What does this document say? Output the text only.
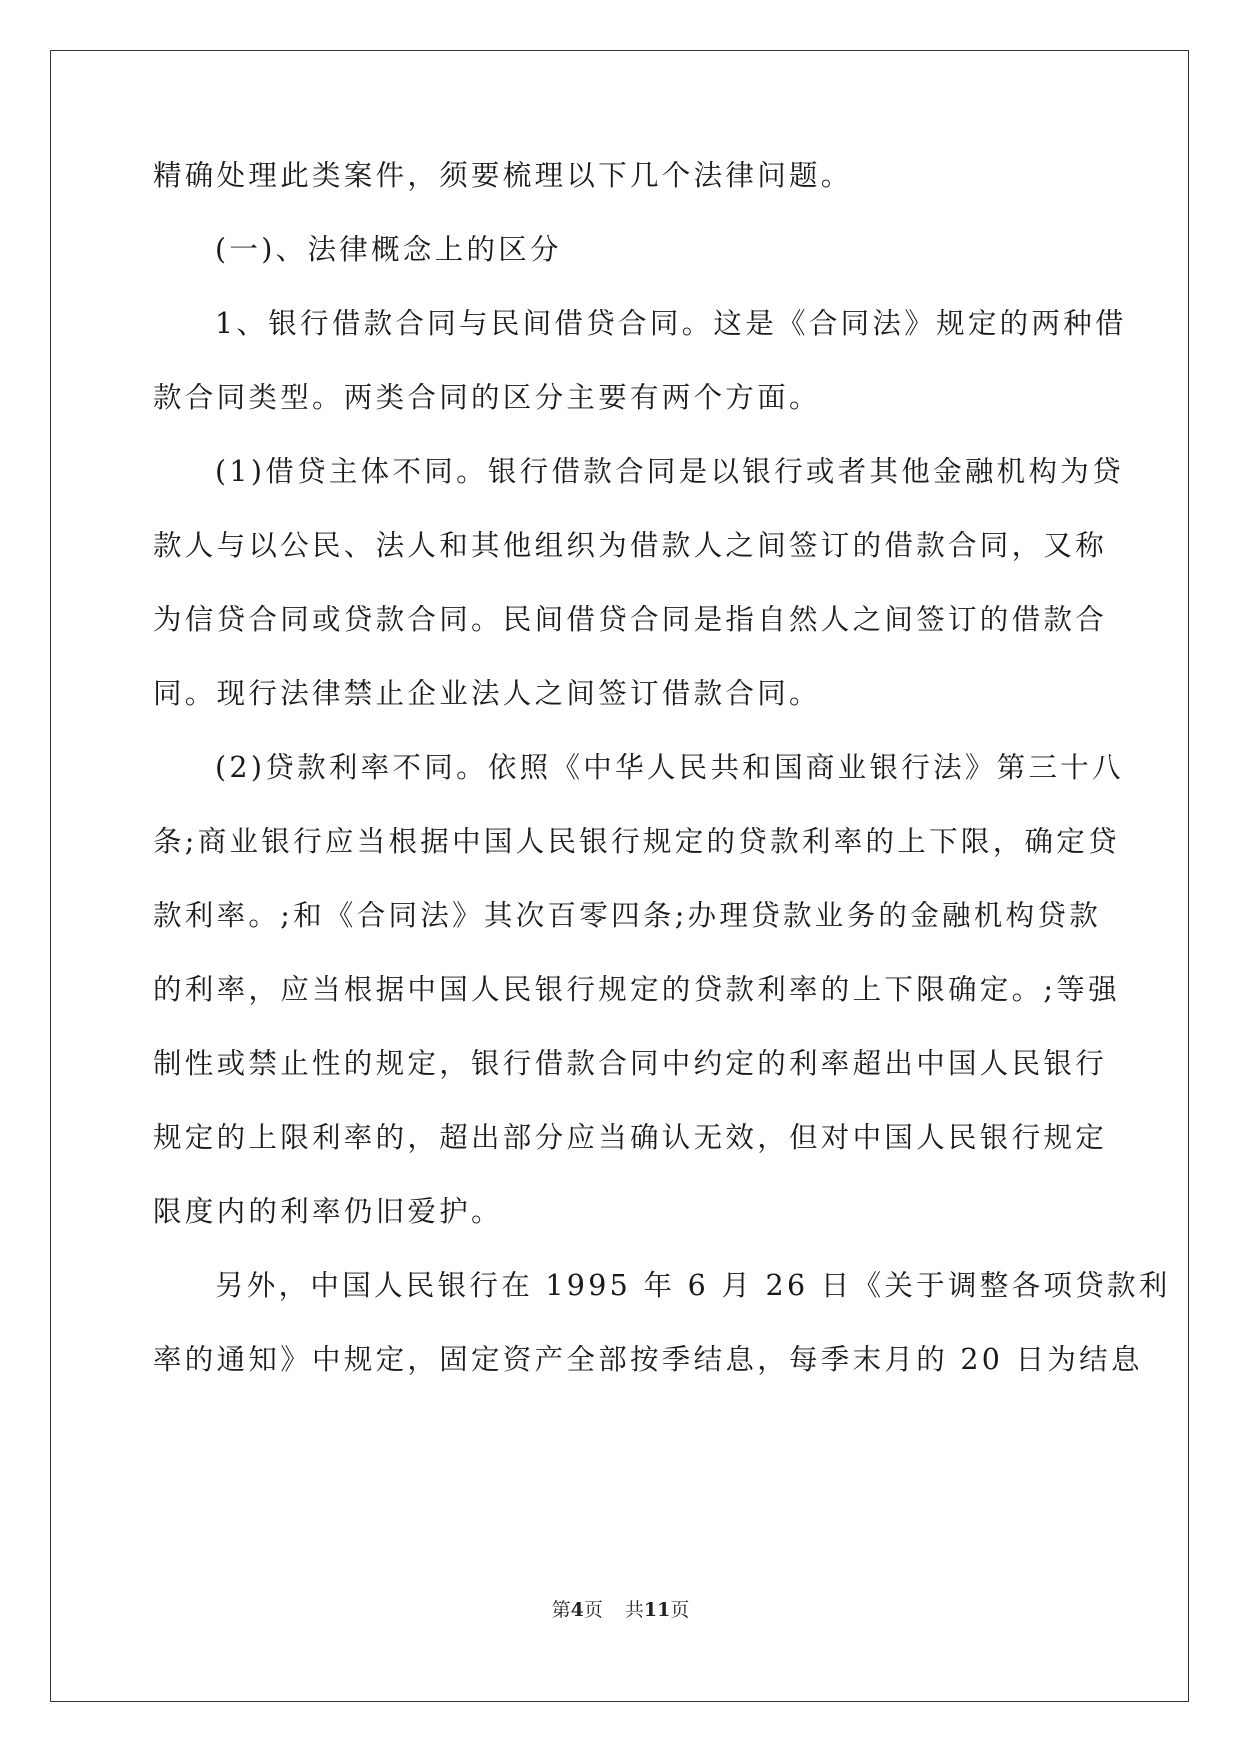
精确处理此类案件，须要梳理以下几个法律问题。
(一)、法律概念上的区分
1、银行借款合同与民间借贷合同。这是《合同法》规定的两种借
款合同类型。两类合同的区分主要有两个方面。
(1)借贷主体不同。银行借款合同是以银行或者其他金融机构为贷
款人与以公民、法人和其他组织为借款人之间签订的借款合同，又称
为信贷合同或贷款合同。民间借贷合同是指自然人之间签订的借款合
同。现行法律禁止企业法人之间签订借款合同。
(2)贷款利率不同。依照《中华人民共和国商业银行法》第三十八
条;商业银行应当根据中国人民银行规定的贷款利率的上下限，确定贷
款利率。;和《合同法》其次百零四条;办理贷款业务的金融机构贷款
的利率，应当根据中国人民银行规定的贷款利率的上下限确定。;等强
制性或禁止性的规定，银行借款合同中约定的利率超出中国人民银行
规定的上限利率的，超出部分应当确认无效，但对中国人民银行规定
限度内的利率仍旧爱护。
另外，中国人民银行在 1995 年 6 月 26 日《关于调整各项贷款利
率的通知》中规定，固定资产全部按季结息，每季末月的 20 日为结息
第4页 共11页
